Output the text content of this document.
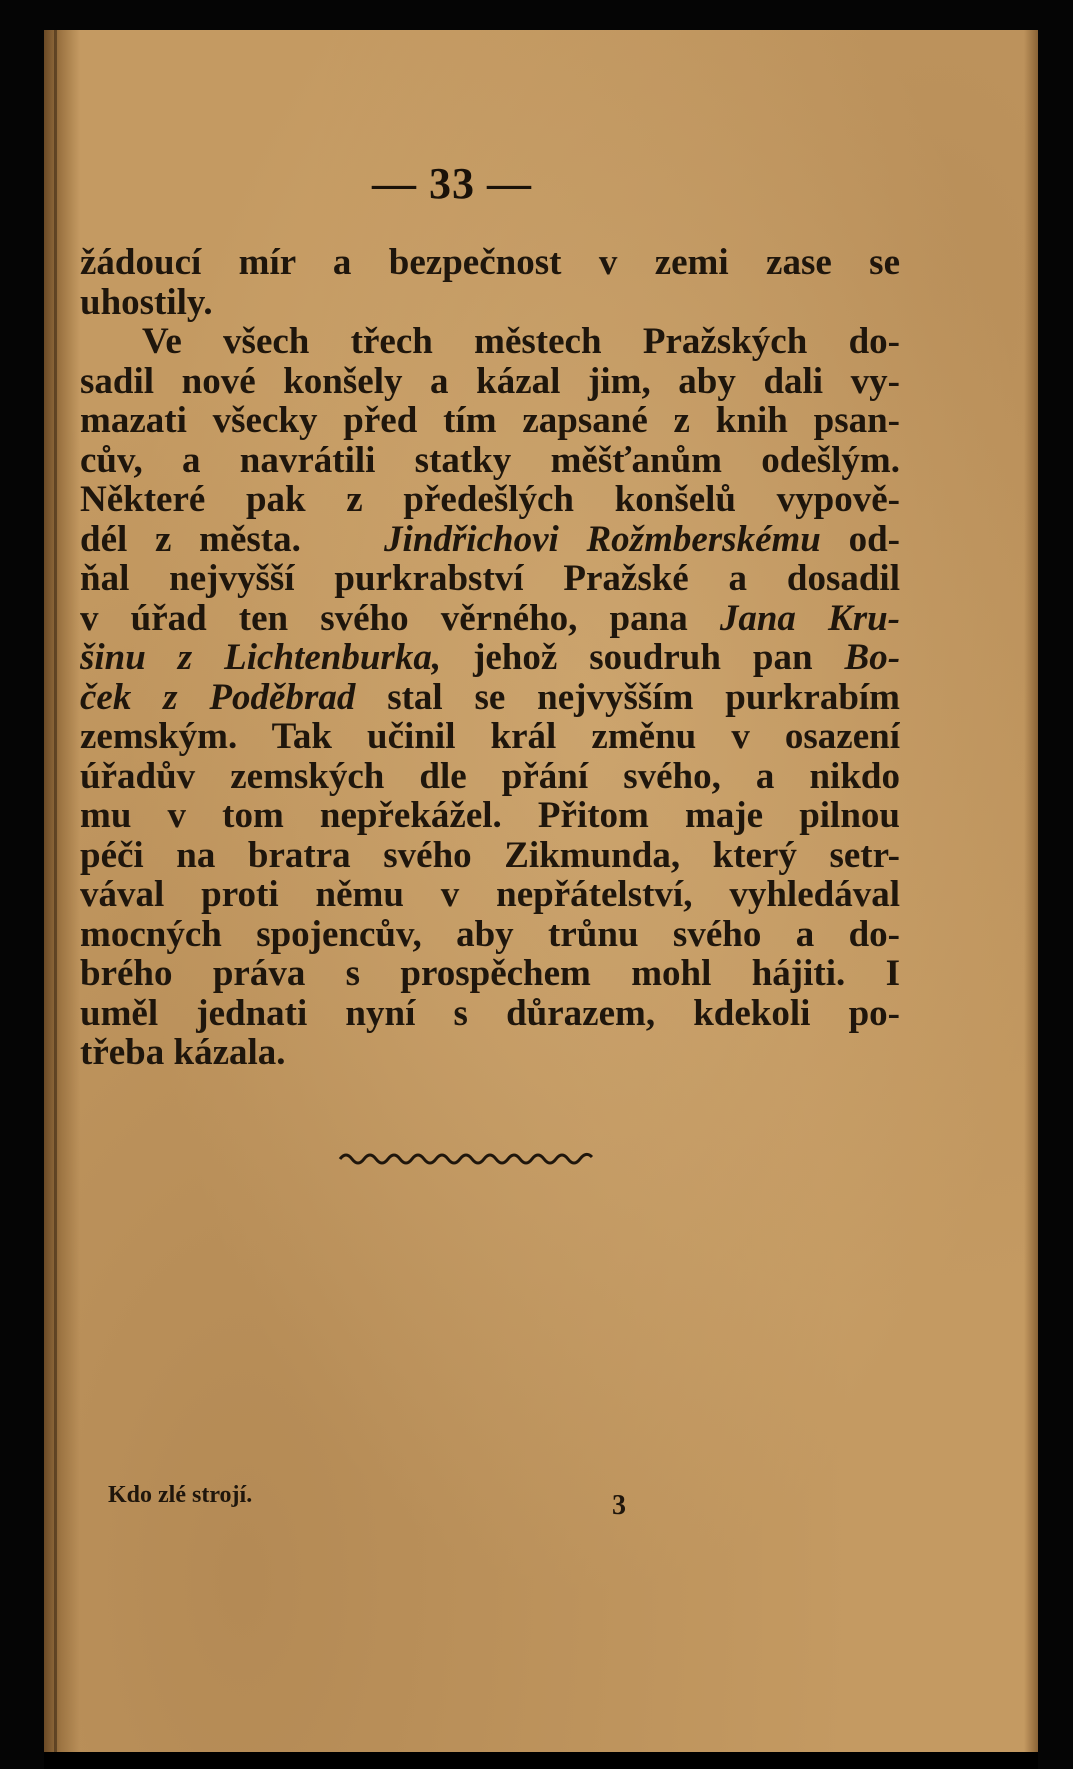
— 33 —
žádoucí mír a bezpečnost v zemi zase se
uhostily.
Ve všech třech městech Pražských do-
sadil nové konšely a kázal jim, aby dali vy-
mazati všecky před tím zapsané z knih psan-
cův, a navrátili statky měšťanům odešlým.
Některé pak z předešlých konšelů vypově-
dél z města. Jindřichovi Rožmberskému od-
ňal nejvyšší purkrabství Pražské a dosadil
v úřad ten svého věrného, pana Jana Kru-
šinu z Lichtenburka, jehož soudruh pan Bo-
ček z Poděbrad stal se nejvyšším purkrabím
zemským. Tak učinil král změnu v osazení
úřadův zemských dle přání svého, a nikdo
mu v tom nepřekážel. Přitom maje pilnou
péči na bratra svého Zikmunda, který setr-
vával proti němu v nepřátelství, vyhledával
mocných spojencův, aby trůnu svého a do-
brého práva s prospěchem mohl hájiti. I
uměl jednati nyní s důrazem, kdekoli po-
třeba kázala.
Kdo zlé strojí.	3
